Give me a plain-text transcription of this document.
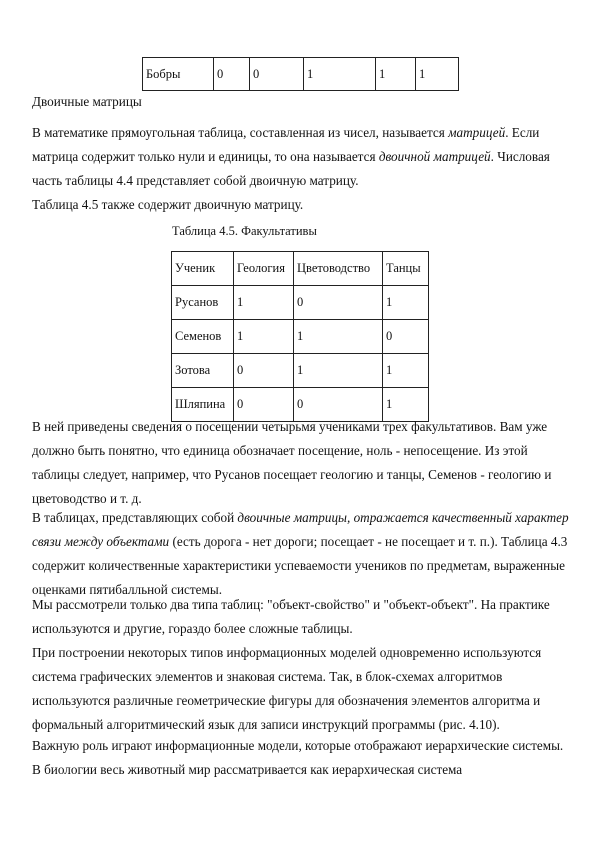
Бобры	0	0	1	1	1

Двоичные матрицы

В математике прямоугольная таблица, составленная из чисел, называется матрицей. Если матрица содержит только нули и единицы, то она называется двоичной матрицей. Числовая часть таблицы 4.4 представляет собой двоичную матрицу.

Таблица 4.5 также содержит двоичную матрицу.

Таблица 4.5. Факультативы
Ученик	Геология	Цветоводство	Танцы
Русанов	1	0	1
Семенов	1	1	0
Зотова	0	1	1
Шляпина	0	0	1

В ней приведены сведения о посещении четырьмя учениками трех факультативов. Вам уже должно быть понятно, что единица обозначает посещение, ноль - непосещение. Из этой таблицы следует, например, что Русанов посещает геологию и танцы, Семенов - геологию и цветоводство и т. д.

В таблицах, представляющих собой двоичные матрицы, отражается качественный характер связи между объектами (есть дорога - нет дороги; посещает - не посещает и т. п.). Таблица 4.3 содержит количественные характеристики успеваемости учеников по предметам, выраженные оценками пятибалльной системы.

Мы рассмотрели только два типа таблиц: "объект-свойство" и "объект-объект". На практике используются и другие, гораздо более сложные таблицы.

При построении некоторых типов информационных моделей одновременно используются система графических элементов и знаковая система. Так, в блок-схемах алгоритмов используются различные геометрические фигуры для обозначения элементов алгоритма и формальный алгоритмический язык для записи инструкций программы (рис. 4.10).

Важную роль играют информационные модели, которые отображают иерархические системы. В биологии весь животный мир рассматривается как иерархическая система
